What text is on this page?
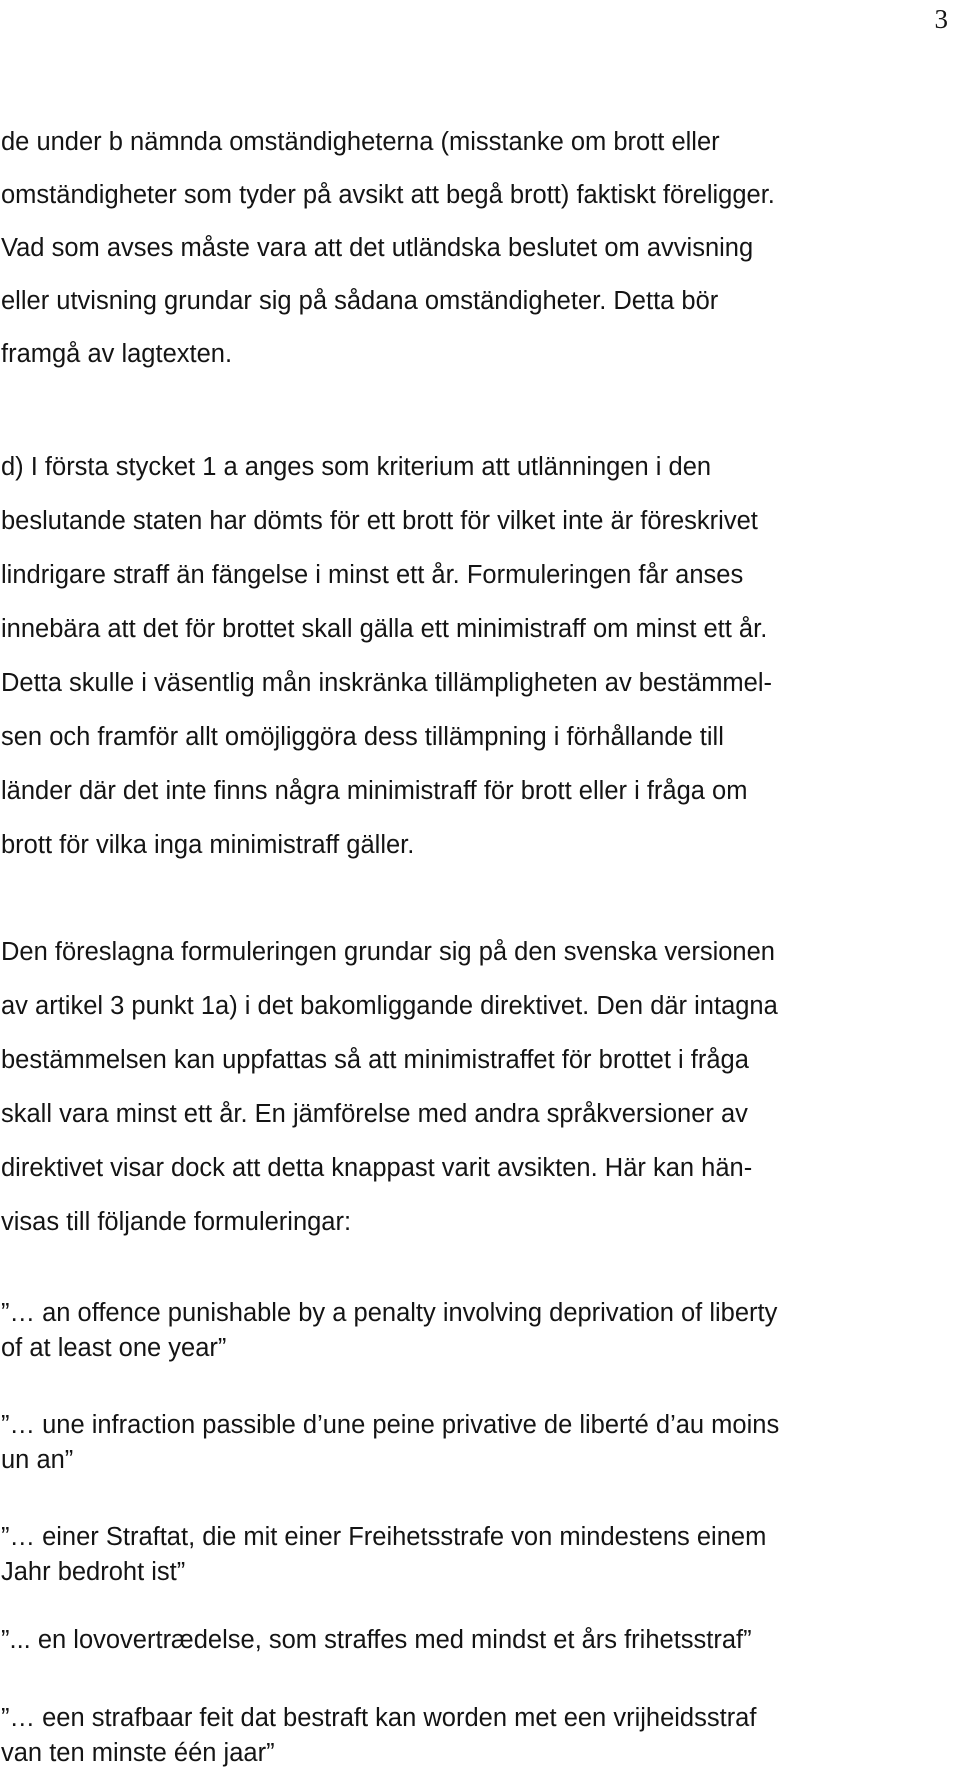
3
de under b nämnda omständigheterna (misstanke om brott eller
omständigheter som tyder på avsikt att begå brott) faktiskt föreligger.
Vad som avses måste vara att det utländska beslutet om avvisning
eller utvisning grundar sig på sådana omständigheter. Detta bör
framgå av lagtexten.
d) I första stycket 1 a anges som kriterium att utlänningen i den
beslutande staten har dömts för ett brott för vilket inte är föreskrivet
lindrigare straff än fängelse i minst ett år. Formuleringen får anses
innebära att det för brottet skall gälla ett minimistraff om minst ett år.
Detta skulle i väsentlig mån inskränka tillämpligheten av bestämmel-
sen och framför allt omöjliggöra dess tillämpning i förhållande till
länder där det inte finns några minimistraff för brott eller i fråga om
brott för vilka inga minimistraff gäller.
Den föreslagna formuleringen grundar sig på den svenska versionen
av artikel 3 punkt 1a) i det bakomliggande direktivet. Den där intagna
bestämmelsen kan uppfattas så att minimistraffet för brottet i fråga
skall vara minst ett år. En jämförelse med andra språkversioner av
direktivet visar dock att detta knappast varit avsikten. Här kan hän-
visas till följande formuleringar:
”… an offence punishable by a penalty involving deprivation of liberty
of at least one year”
”… une infraction passible d’une peine privative de liberté d’au moins
un an”
”… einer Straftat, die mit einer Freihetsstrafe von mindestens einem
Jahr bedroht ist”
”... en lovovertrædelse, som straffes med mindst et års frihetsstraf”
”… een strafbaar feit dat bestraft kan worden met een vrijheidsstraf
van ten minste één jaar”
